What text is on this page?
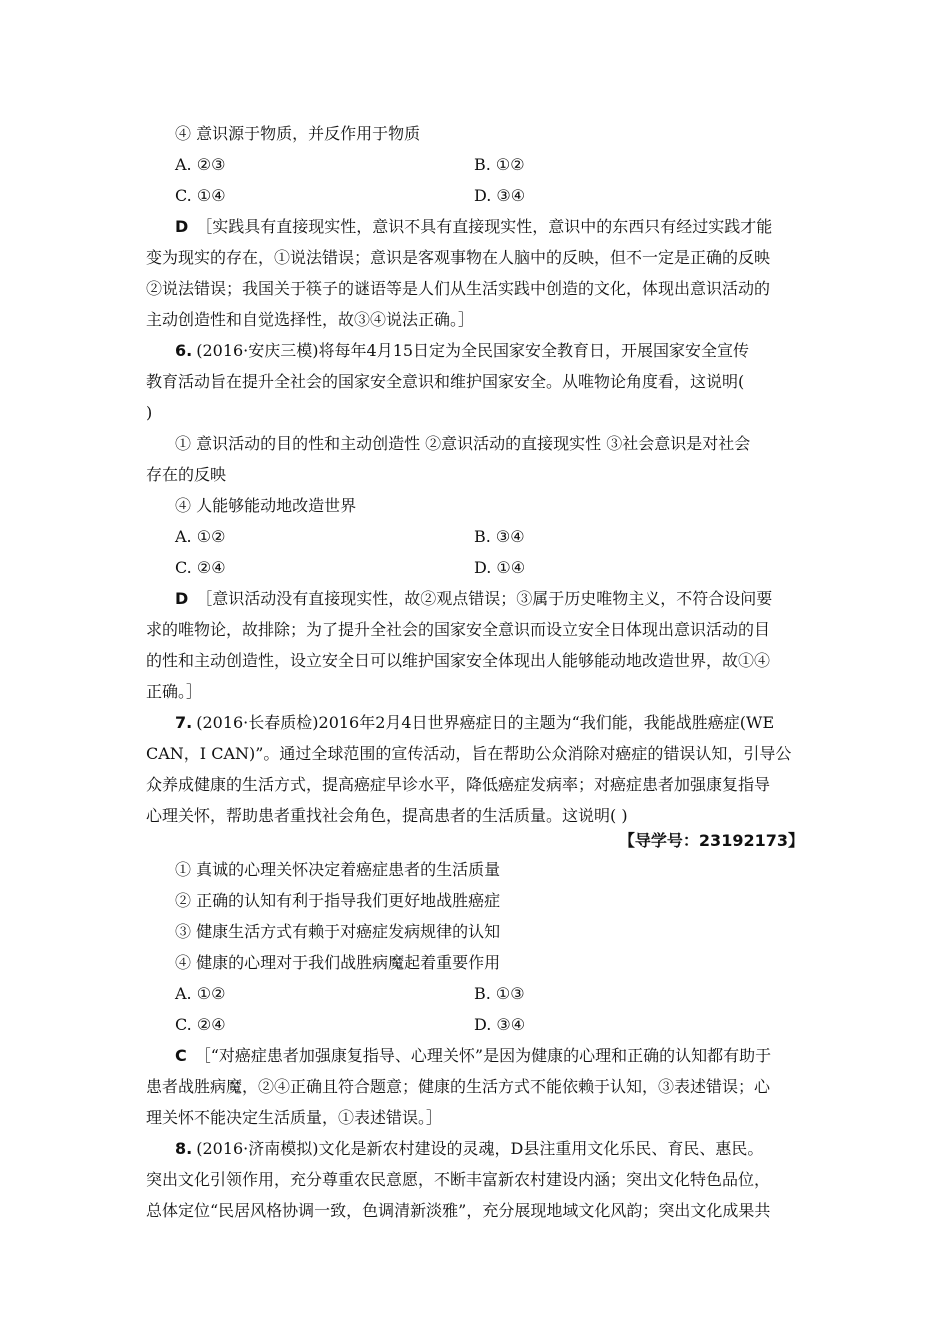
④ 意识源于物质，并反作用于物质
A. ②③	B. ①②
C. ①④	D. ③④
D ［实践具有直接现实性，意识不具有直接现实性，意识中的东西只有经过实践才能
变为现实的存在，①说法错误；意识是客观事物在人脑中的反映，但不一定是正确的反映
②说法错误；我国关于筷子的谜语等是人们从生活实践中创造的文化，体现出意识活动的
主动创造性和自觉选择性，故③④说法正确。］
6. (2016·安庆三模)将每年4月15日定为全民国家安全教育日，开展国家安全宣传
教育活动旨在提升全社会的国家安全意识和维护国家安全。从唯物论角度看，这说明(
)
① 意识活动的目的性和主动创造性 ②意识活动的直接现实性 ③社会意识是对社会
存在的反映
④ 人能够能动地改造世界
A. ①②	B. ③④
C. ②④	D. ①④
D ［意识活动没有直接现实性，故②观点错误；③属于历史唯物主义，不符合设问要
求的唯物论，故排除；为了提升全社会的国家安全意识而设立安全日体现出意识活动的目
的性和主动创造性，设立安全日可以维护国家安全体现出人能够能动地改造世界，故①④
正确。］
7. (2016·长春质检)2016年2月4日世界癌症日的主题为“我们能，我能战胜癌症(WE
CAN，I CAN)”。通过全球范围的宣传活动，旨在帮助公众消除对癌症的错误认知，引导公
众养成健康的生活方式，提高癌症早诊水平，降低癌症发病率；对癌症患者加强康复指导
心理关怀，帮助患者重找社会角色，提高患者的生活质量。这说明( )
【导学号：23192173】
① 真诚的心理关怀决定着癌症患者的生活质量
② 正确的认知有利于指导我们更好地战胜癌症
③ 健康生活方式有赖于对癌症发病规律的认知
④ 健康的心理对于我们战胜病魔起着重要作用
A. ①②	B. ①③
C. ②④	D. ③④
C ［“对癌症患者加强康复指导、心理关怀”是因为健康的心理和正确的认知都有助于
患者战胜病魔，②④正确且符合题意；健康的生活方式不能依赖于认知，③表述错误；心
理关怀不能决定生活质量，①表述错误。］
8. (2016·济南模拟)文化是新农村建设的灵魂，D县注重用文化乐民、育民、惠民。
突出文化引领作用，充分尊重农民意愿，不断丰富新农村建设内涵；突出文化特色品位，
总体定位“民居风格协调一致，色调清新淡雅”，充分展现地域文化风韵；突出文化成果共
